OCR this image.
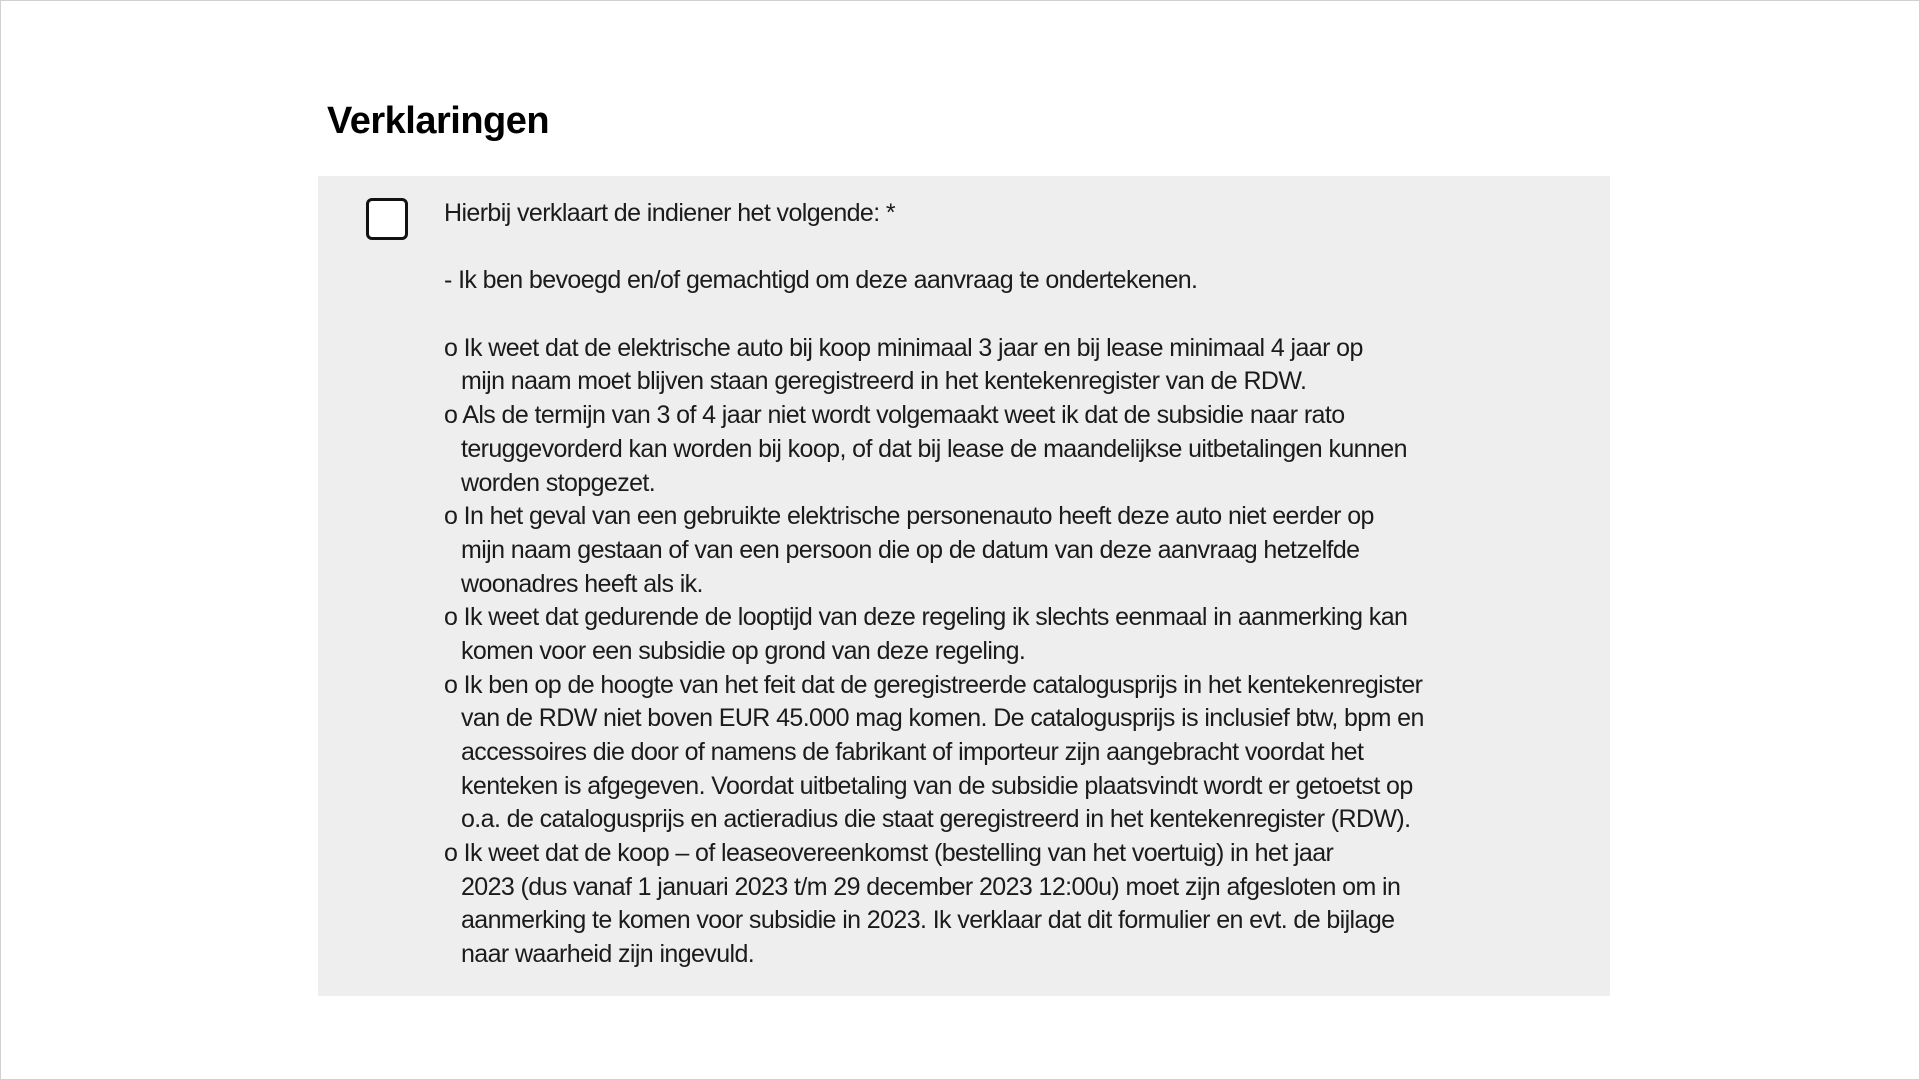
Verklaringen
Hierbij verklaart de indiener het volgende: *
- Ik ben bevoegd en/of gemachtigd om deze aanvraag te ondertekenen.
o Ik weet dat de elektrische auto bij koop minimaal 3 jaar en bij lease minimaal 4 jaar op
mijn naam moet blijven staan geregistreerd in het kentekenregister van de RDW.
o Als de termijn van 3 of 4 jaar niet wordt volgemaakt weet ik dat de subsidie naar rato
teruggevorderd kan worden bij koop, of dat bij lease de maandelijkse uitbetalingen kunnen
worden stopgezet.
o In het geval van een gebruikte elektrische personenauto heeft deze auto niet eerder op
mijn naam gestaan of van een persoon die op de datum van deze aanvraag hetzelfde
woonadres heeft als ik.
o Ik weet dat gedurende de looptijd van deze regeling ik slechts eenmaal in aanmerking kan
komen voor een subsidie op grond van deze regeling.
o Ik ben op de hoogte van het feit dat de geregistreerde catalogusprijs in het kentekenregister
van de RDW niet boven EUR 45.000 mag komen. De catalogusprijs is inclusief btw, bpm en
accessoires die door of namens de fabrikant of importeur zijn aangebracht voordat het
kenteken is afgegeven. Voordat uitbetaling van de subsidie plaatsvindt wordt er getoetst op
o.a. de catalogusprijs en actieradius die staat geregistreerd in het kentekenregister (RDW).
o Ik weet dat de koop – of leaseovereenkomst (bestelling van het voertuig) in het jaar
2023 (dus vanaf 1 januari 2023 t/m 29 december 2023 12:00u) moet zijn afgesloten om in
aanmerking te komen voor subsidie in 2023. Ik verklaar dat dit formulier en evt. de bijlage
naar waarheid zijn ingevuld.
